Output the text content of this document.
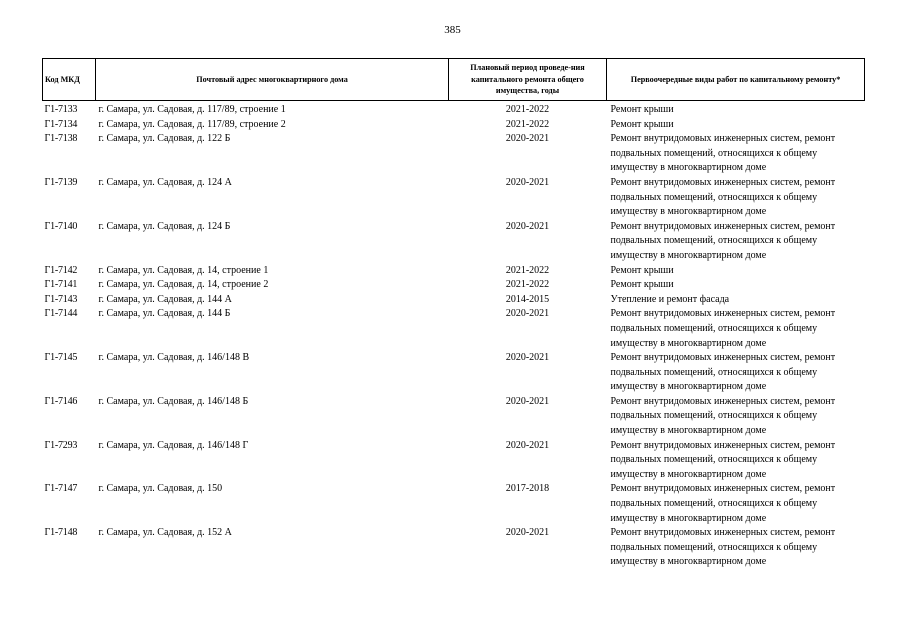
385
Код МКД	Почтовый адрес многоквартирного дома	Плановый период проведе-ния капитального ремонта общего имущества, годы	Первоочередные виды работ по капитальному ремонту*
Г1-7133	г. Самара, ул. Садовая, д. 117/89, строение 1	2021-2022	Ремонт крыши
Г1-7134	г. Самара, ул. Садовая, д. 117/89, строение 2	2021-2022	Ремонт крыши
Г1-7138	г. Самара, ул. Садовая, д. 122 Б	2020-2021	Ремонт внутридомовых инженерных систем, ремонт подвальных помещений, относящихся к общему имуществу в многоквартирном доме
Г1-7139	г. Самара, ул. Садовая, д. 124 А	2020-2021	Ремонт внутридомовых инженерных систем, ремонт подвальных помещений, относящихся к общему имуществу в многоквартирном доме
Г1-7140	г. Самара, ул. Садовая, д. 124 Б	2020-2021	Ремонт внутридомовых инженерных систем, ремонт подвальных помещений, относящихся к общему имуществу в многоквартирном доме
Г1-7142	г. Самара, ул. Садовая, д. 14, строение 1	2021-2022	Ремонт крыши
Г1-7141	г. Самара, ул. Садовая, д. 14, строение 2	2021-2022	Ремонт крыши
Г1-7143	г. Самара, ул. Садовая, д. 144 А	2014-2015	Утепление и ремонт фасада
Г1-7144	г. Самара, ул. Садовая, д. 144 Б	2020-2021	Ремонт внутридомовых инженерных систем, ремонт подвальных помещений, относящихся к общему имуществу в многоквартирном доме
Г1-7145	г. Самара, ул. Садовая, д. 146/148 В	2020-2021	Ремонт внутридомовых инженерных систем, ремонт подвальных помещений, относящихся к общему имуществу в многоквартирном доме
Г1-7146	г. Самара, ул. Садовая, д. 146/148 Б	2020-2021	Ремонт внутридомовых инженерных систем, ремонт подвальных помещений, относящихся к общему имуществу в многоквартирном доме
Г1-7293	г. Самара, ул. Садовая, д. 146/148 Г	2020-2021	Ремонт внутридомовых инженерных систем, ремонт подвальных помещений, относящихся к общему имуществу в многоквартирном доме
Г1-7147	г. Самара, ул. Садовая, д. 150	2017-2018	Ремонт внутридомовых инженерных систем, ремонт подвальных помещений, относящихся к общему имуществу в многоквартирном доме
Г1-7148	г. Самара, ул. Садовая, д. 152 А	2020-2021	Ремонт внутридомовых инженерных систем, ремонт подвальных помещений, относящихся к общему имуществу в многоквартирном доме
